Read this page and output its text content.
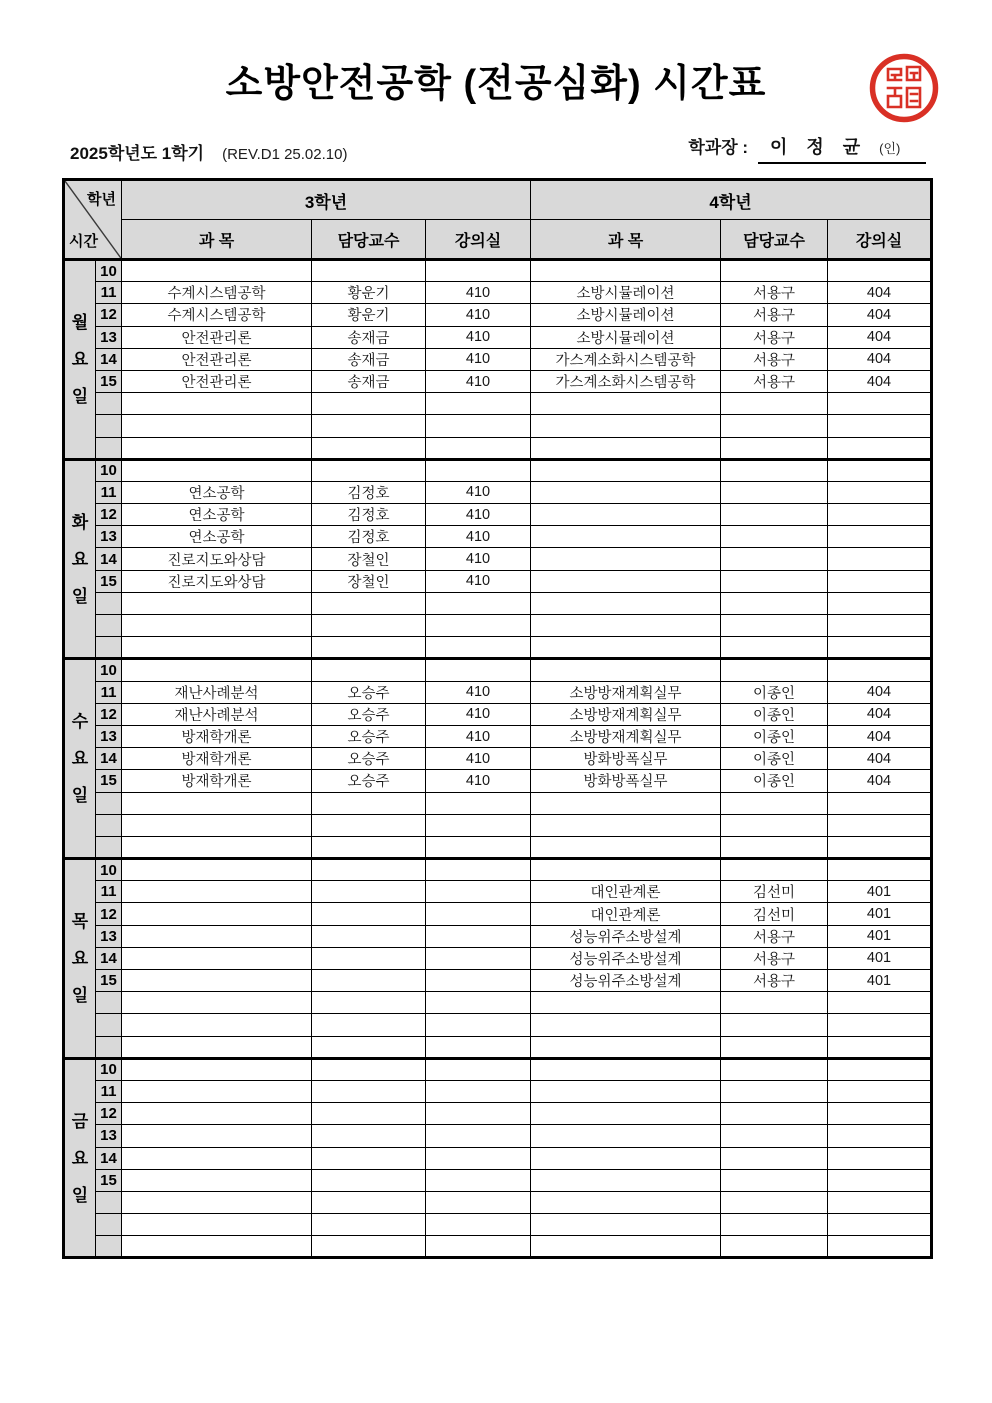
소방안전공학 (전공심화) 시간표
2025학년도 1학기 (REV.D1 25.02.10)	학과장 : 이 정 균 (인)
학년
시간		3학년			4학년		
		과 목	담당교수	강의실	과 목	담당교수	강의실

월
요
일	10						
	11	수계시스템공학	황운기	410	소방시뮬레이션	서용구	404
	12	수계시스템공학	황운기	410	소방시뮬레이션	서용구	404
	13	안전관리론	송재금	410	소방시뮬레이션	서용구	404
	14	안전관리론	송재금	410	가스계소화시스템공학	서용구	404
	15	안전관리론	송재금	410	가스계소화시스템공학	서용구	404

화
요
일	10						
	11	연소공학	김정호	410			
	12	연소공학	김정호	410			
	13	연소공학	김정호	410			
	14	진로지도와상담	장철인	410			
	15	진로지도와상담	장철인	410			

수
요
일	10						
	11	재난사례분석	오승주	410	소방방재계획실무	이종인	404
	12	재난사례분석	오승주	410	소방방재계획실무	이종인	404
	13	방재학개론	오승주	410	소방방재계획실무	이종인	404
	14	방재학개론	오승주	410	방화방폭실무	이종인	404
	15	방재학개론	오승주	410	방화방폭실무	이종인	404

목
요
일	10						
	11				대인관계론	김선미	401
	12				대인관계론	김선미	401
	13				성능위주소방설계	서용구	401
	14				성능위주소방설계	서용구	401
	15				성능위주소방설계	서용구	401

금
요
일	10						
	11						
	12						
	13						
	14						
	15						
